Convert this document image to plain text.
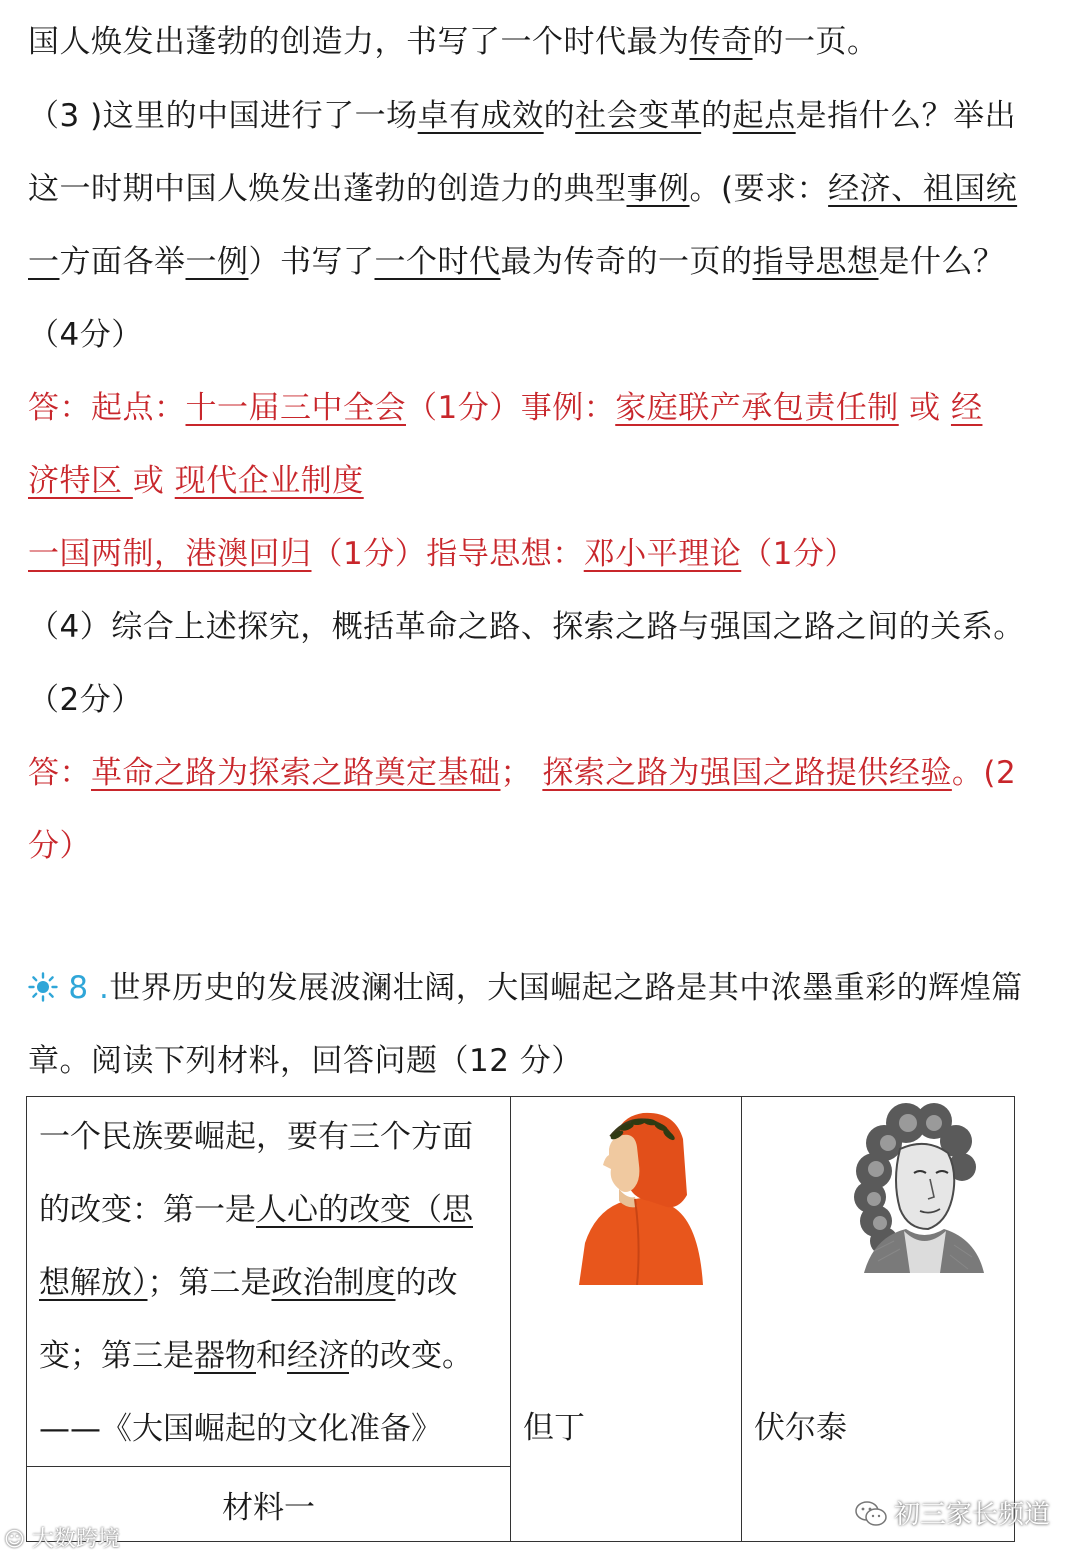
国人焕发出蓬勃的创造力，书写了一个时代最为传奇的一页。
（3 )这里的中国进行了一场卓有成效的社会变革的起点是指什么？举出
这一时期中国人焕发出蓬勃的创造力的典型事例。(要求：经济、祖国统
一方面各举一例）书写了一个时代最为传奇的一页的指导思想是什么？
（4分）
答：起点：十一届三中全会（1分）事例：家庭联产承包责任制 或 经
济特区 或 现代企业制度
一国两制，港澳回归（1分）指导思想：邓小平理论（1分）
（4）综合上述探究，概括革命之路、探索之路与强国之路之间的关系。
（2分）
答：革命之路为探索之路奠定基础； 探索之路为强国之路提供经验。(2
分）
8 .世界历史的发展波澜壮阔，大国崛起之路是其中浓墨重彩的辉煌篇
章。阅读下列材料，回答问题（12 分）
一个民族要崛起，要有三个方面
的改变：第一是人心的改变（思
想解放）；第二是政治制度的改
变；第三是器物和经济的改变。
——《大国崛起的文化准备》	但丁	伏尔泰

材料一
☺ 大数跨境
初三家长频道
